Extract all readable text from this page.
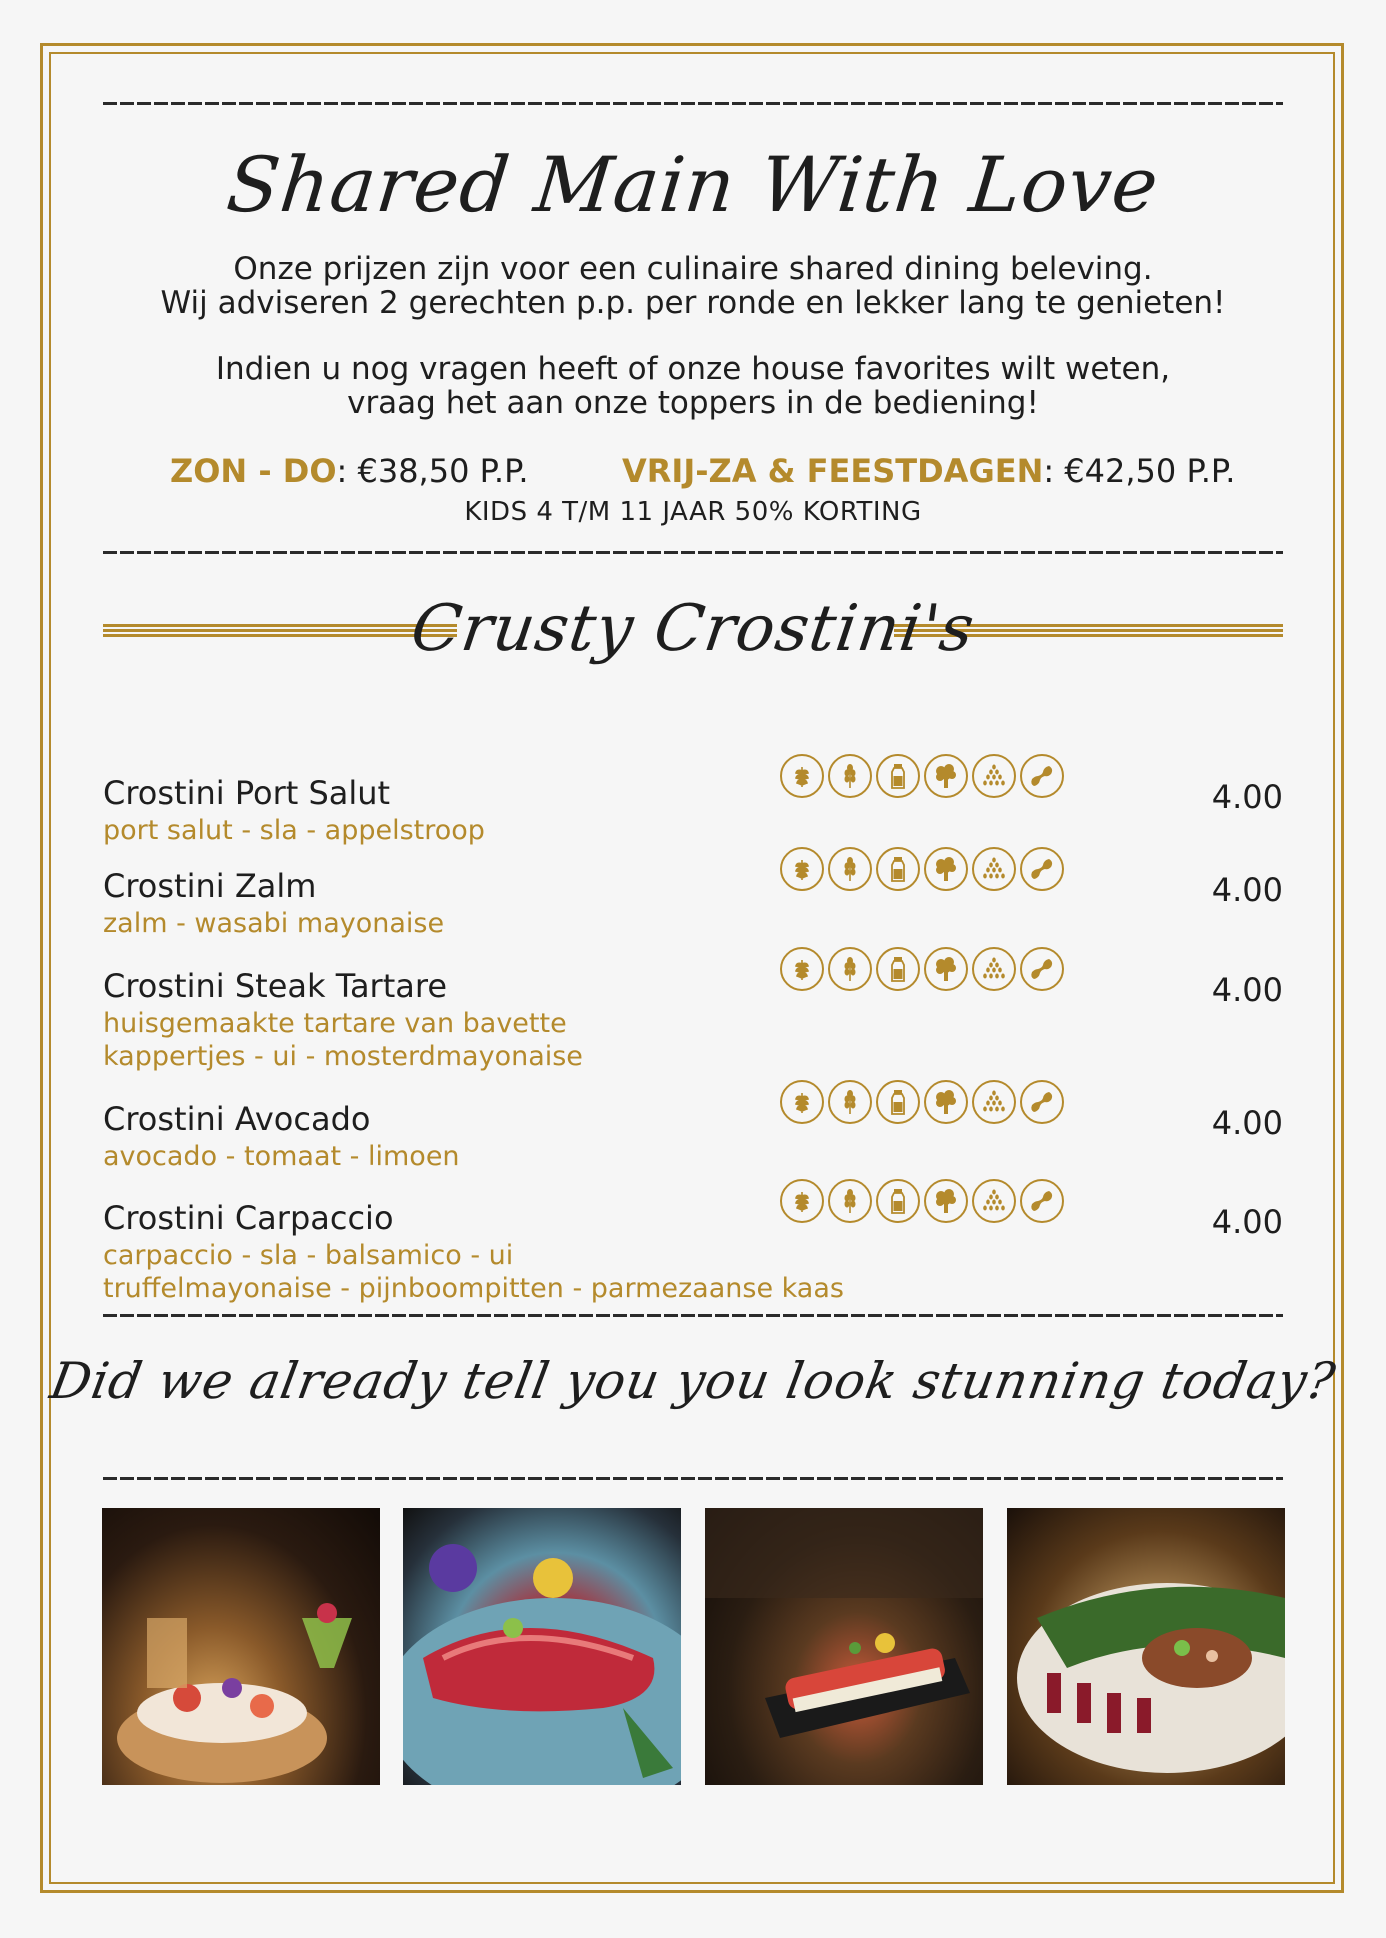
Shared Main With Love
Onze prijzen zijn voor een culinaire shared dining beleving.
Wij adviseren 2 gerechten p.p. per ronde en lekker lang te genieten!
Indien u nog vragen heeft of onze house favorites wilt weten,
vraag het aan onze toppers in de bediening!
ZON - DO: €38,50 P.P.	VRIJ-ZA & FEESTDAGEN: €42,50 P.P.
KIDS 4 T/M 11 JAAR 50% KORTING
Crusty Crostini's
Crostini Port Salut
port salut - sla - appelstroop
4.00
Crostini Zalm
zalm - wasabi mayonaise
4.00
Crostini Steak Tartare
huisgemaakte tartare van bavette
kappertjes - ui - mosterdmayonaise
4.00
Crostini Avocado
avocado - tomaat - limoen
4.00
Crostini Carpaccio
carpaccio - sla - balsamico - ui
truffelmayonaise - pijnboompitten - parmezaanse kaas
4.00
Did we already tell you you look stunning today?
